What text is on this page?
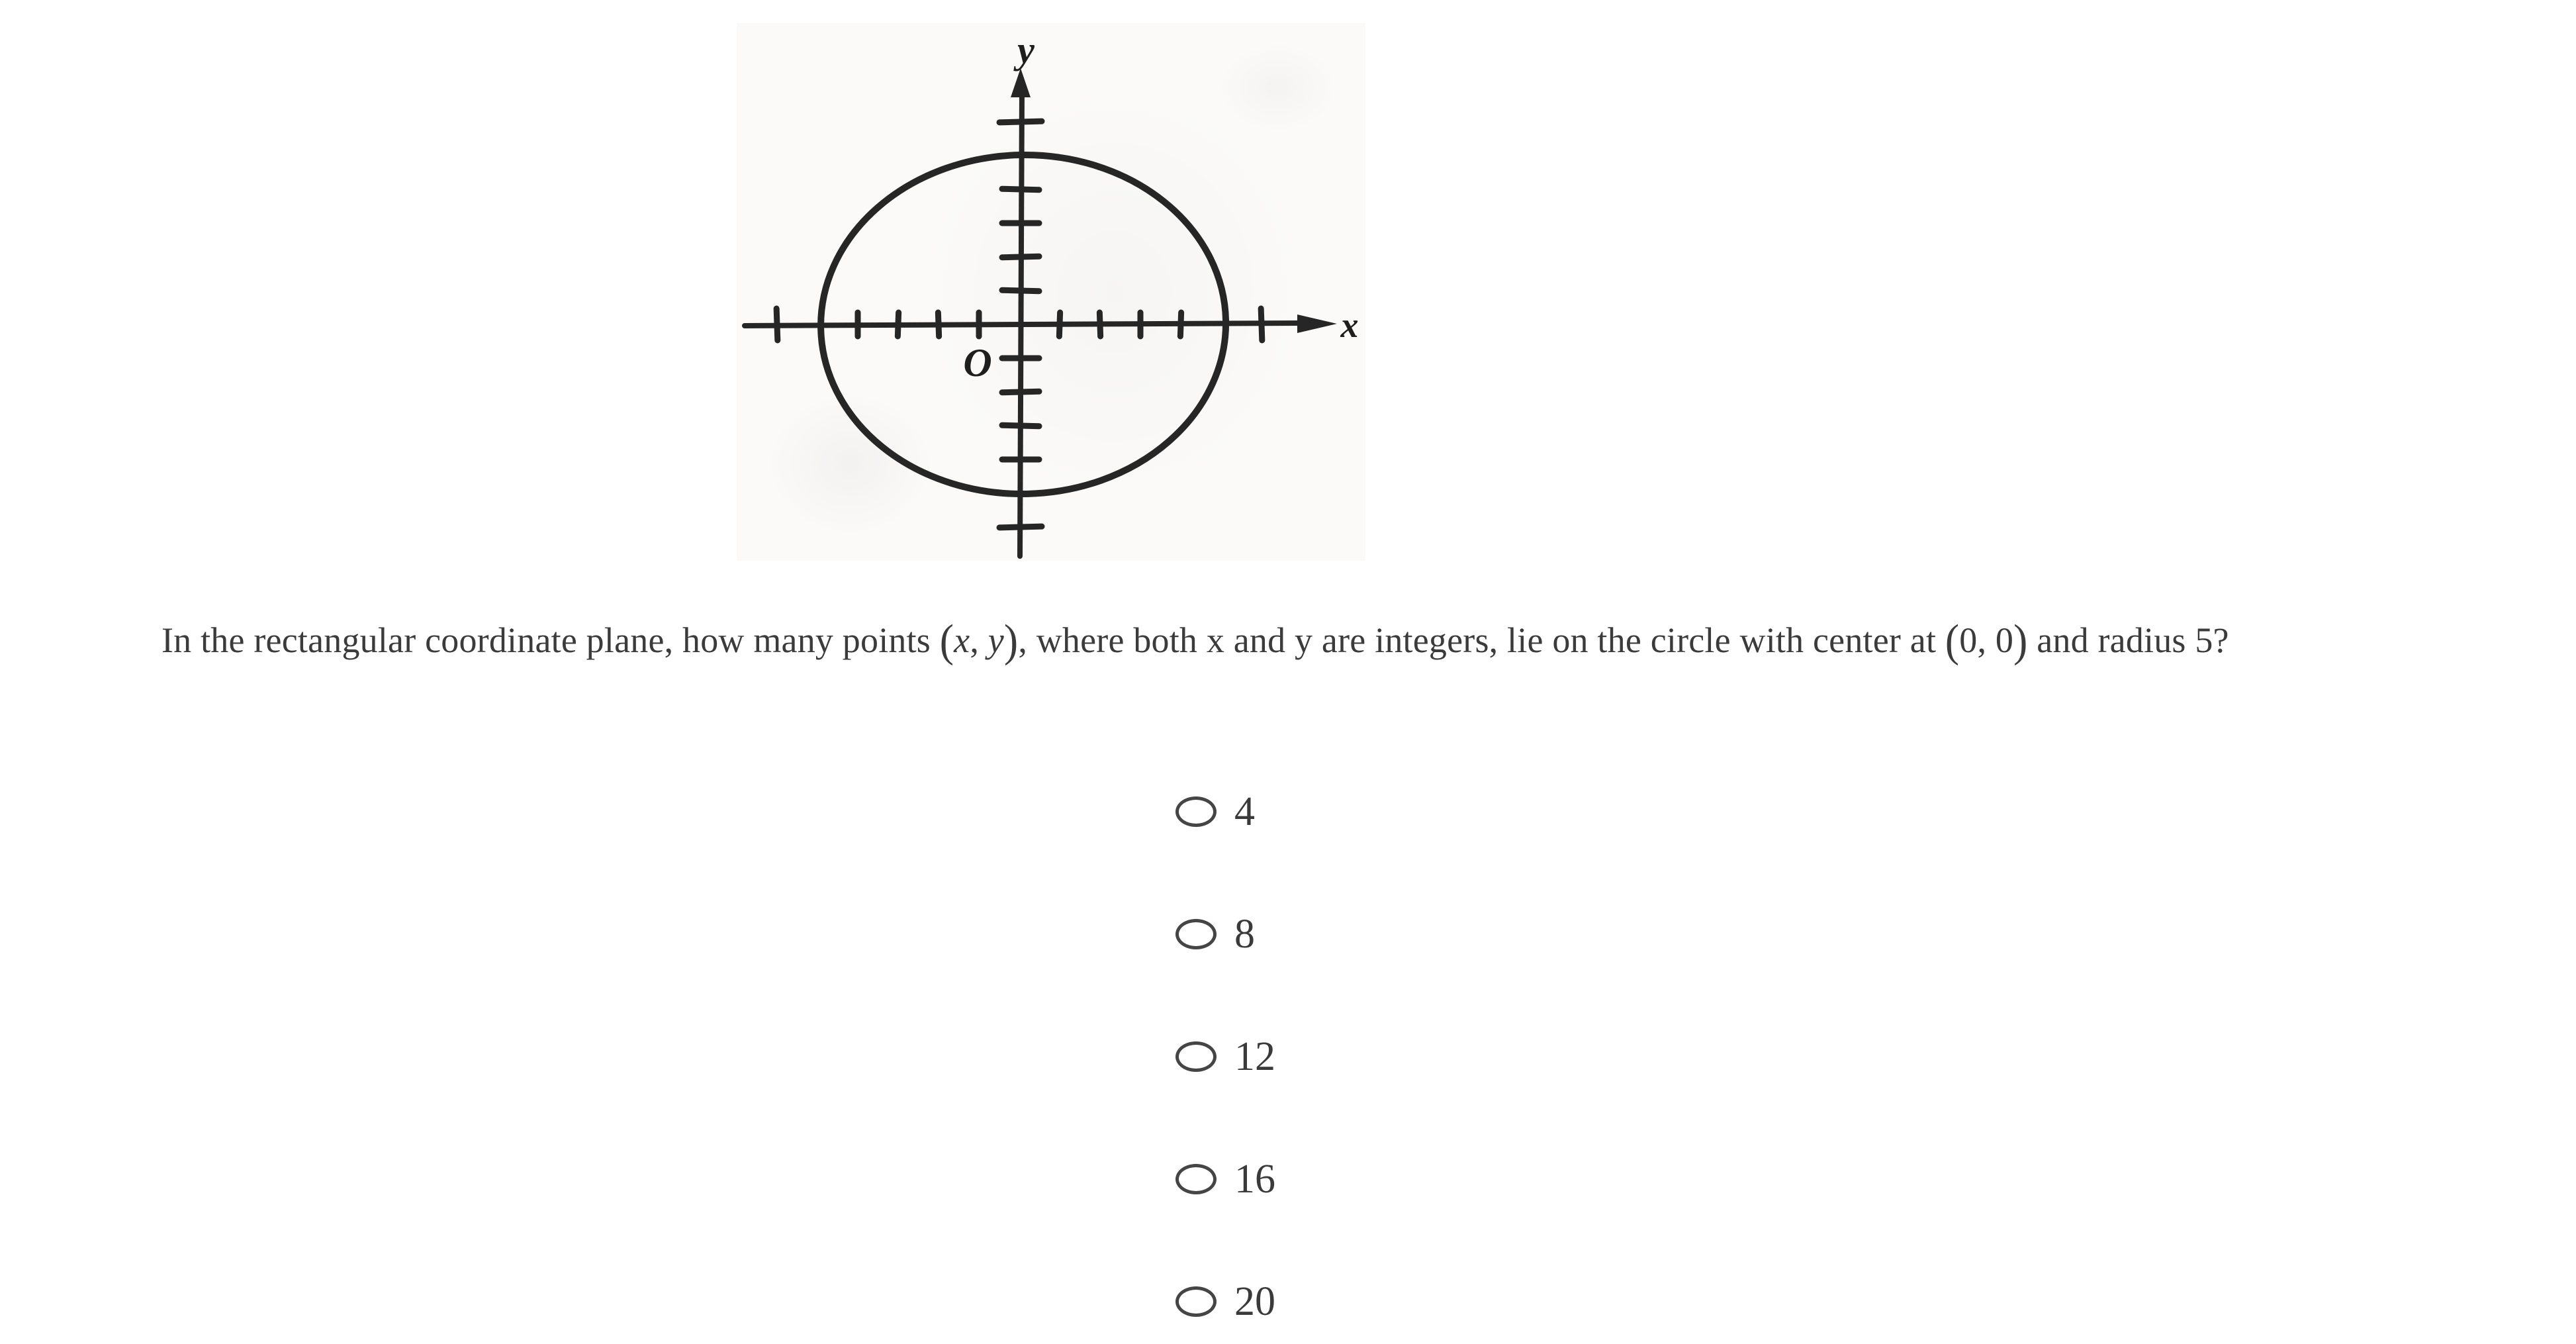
y
x
O

In the rectangular coordinate plane, how many points (x, y), where both x and y are integers, lie on the circle with center at (0, 0) and radius 5?

4
8
12
16
20
